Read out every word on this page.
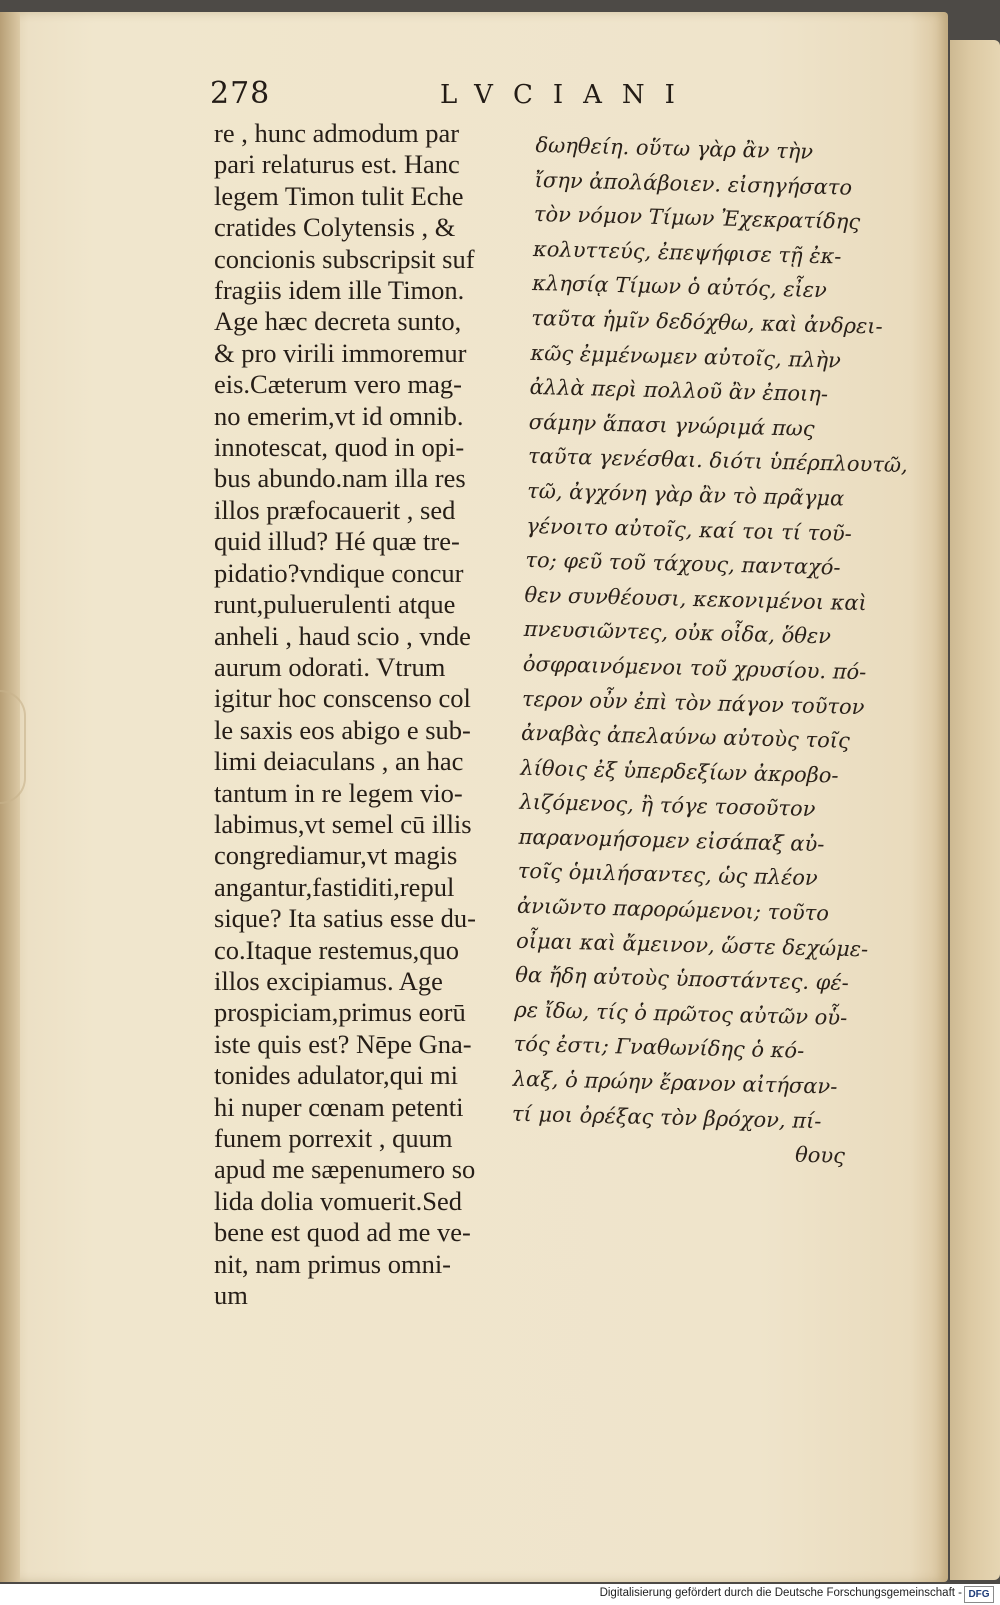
278	LVCIANI
re , hunc admodum par
pari relaturus est. Hanc
legem Timon tulit Eche
cratides Colytensis , &
concionis subscripsit suf
fragiis idem ille Timon.
Age hæc decreta sunto,
& pro virili immoremur
eis.Cæterum vero mag-
no emerim,vt id omnib.
innotescat, quod in opi-
bus abundo.nam illa res
illos præfocauerit , sed
quid illud? Hé quæ tre-
pidatio?vndique concur
runt,puluerulenti atque
anheli , haud scio , vnde
aurum odorati. Vtrum
igitur hoc conscenso col
le saxis eos abigo e sub-
limi deiaculans , an hac
tantum in re legem vio-
labimus,vt semel cū illis
congrediamur,vt magis
angantur,fastiditi,repul
sique? Ita satius esse du-
co.Itaque restemus,quo
illos excipiamus. Age
prospiciam,primus eorū
iste quis est? Nēpe Gna-
tonides adulator,qui mi
hi nuper cœnam petenti
funem porrexit , quum
apud me sæpenumero so
lida dolia vomuerit.Sed
bene est quod ad me ve-
nit, nam primus omni-
um
δωηθείη. οὕτω γὰρ ἂν τὴν
ἴσην ἀπολάβοιεν. εἰσηγήσατο
τὸν νόμον Τίμων Ἐχεκρατίδης
κολυττεύς, ἐπεψήφισε τῇ ἐκ-
κλησίᾳ Τίμων ὁ αὐτός, εἶεν
ταῦτα ἡμῖν δεδόχθω, καὶ ἀνδρει-
κῶς ἐμμένωμεν αὐτοῖς, πλὴν
ἀλλὰ περὶ πολλοῦ ἂν ἐποιη-
σάμην ἅπασι γνώριμά πως
ταῦτα γενέσθαι. διότι ὑπέρπλουτῶ,
τῶ, ἀγχόνη γὰρ ἂν τὸ πρᾶγμα
γένοιτο αὐτοῖς, καί τοι τί τοῦ-
το; φεῦ τοῦ τάχους, πανταχό-
θεν συνθέουσι, κεκονιμένοι καὶ
πνευσιῶντες, οὐκ οἶδα, ὅθεν
ὀσφραινόμενοι τοῦ χρυσίου. πό-
τερον οὖν ἐπὶ τὸν πάγον τοῦτον
ἀναβὰς ἀπελαύνω αὐτοὺς τοῖς
λίθοις ἐξ ὑπερδεξίων ἀκροβο-
λιζόμενος, ἢ τόγε τοσοῦτον
παρανομήσομεν εἰσάπαξ αὐ-
τοῖς ὁμιλήσαντες, ὡς πλέον
ἀνιῶντο παρορώμενοι; τοῦτο
οἶμαι καὶ ἄμεινον, ὥστε δεχώμε-
θα ἤδη αὐτοὺς ὑποστάντες. φέ-
ρε ἴδω, τίς ὁ πρῶτος αὐτῶν οὗ-
τός ἐστι; Γναθωνίδης ὁ κό-
λαξ, ὁ πρώην ἔρανον αἰτήσαν-
τί μοι ὀρέξας τὸν βρόχον, πί-
θους
Digitalisierung gefördert durch die Deutsche Forschungsgemeinschaft - DFG
